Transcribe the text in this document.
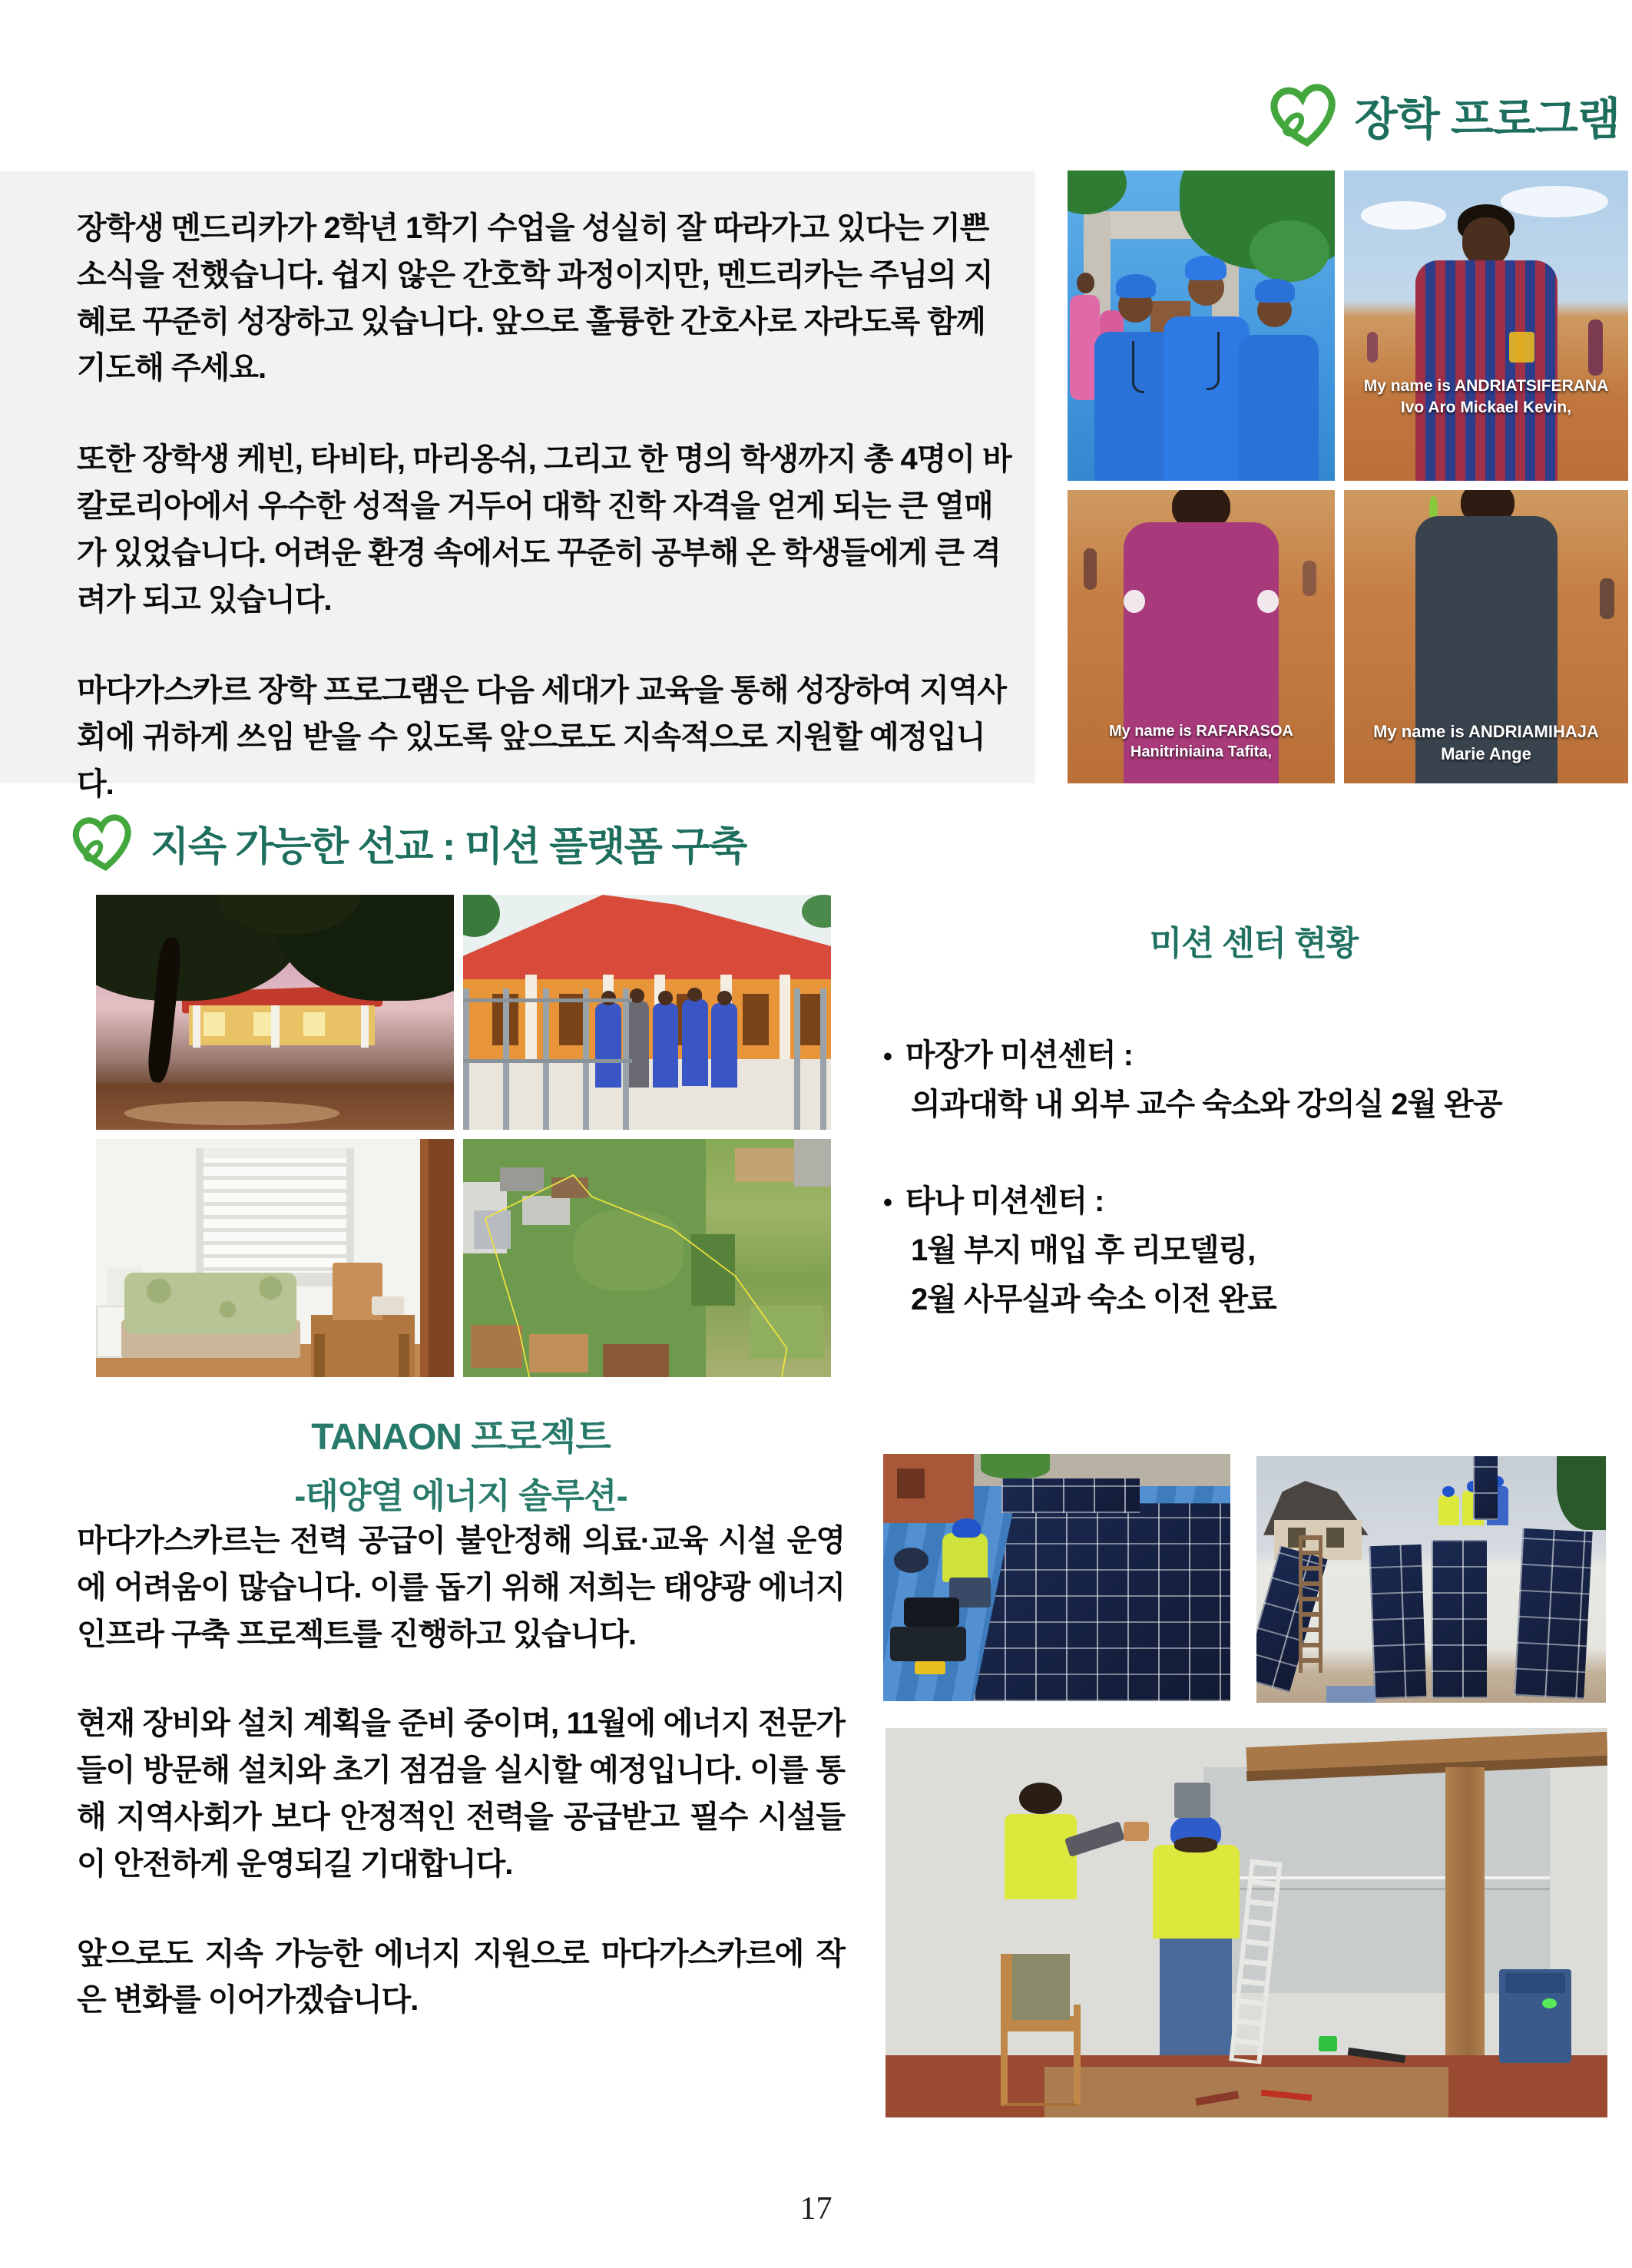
장학 프로그램

장학생 멘드리카가 2학년 1학기 수업을 성실히 잘 따라가고 있다는 기쁜 소식을 전했습니다. 쉽지 않은 간호학 과정이지만, 멘드리카는 주님의 지혜로 꾸준히 성장하고 있습니다. 앞으로 훌륭한 간호사로 자라도록 함께 기도해 주세요.

또한 장학생 케빈, 타비타, 마리옹쉬, 그리고 한 명의 학생까지 총 4명이 바칼로리아에서 우수한 성적을 거두어 대학 진학 자격을 얻게 되는 큰 열매가 있었습니다. 어려운 환경 속에서도 꾸준히 공부해 온 학생들에게 큰 격려가 되고 있습니다.

마다가스카르 장학 프로그램은 다음 세대가 교육을 통해 성장하여 지역사회에 귀하게 쓰임 받을 수 있도록 앞으로도 지속적으로 지원할 예정입니다.

My name is ANDRIATSIFERANA Ivo Aro Mickael Kevin,
My name is RAFARASOA Hanitriniaina Tafita,
My name is ANDRIAMIHAJA Marie Ange
지속 가능한 선교 : 미션 플랫폼 구축
미션 센터 현황
• 마장가 미션센터 :
의과대학 내 외부 교수 숙소와 강의실 2월 완공
• 타나 미션센터 :
1월 부지 매입 후 리모델링,
2월 사무실과 숙소 이전 완료
TANAON 프로젝트
-태양열 에너지 솔루션-

마다가스카르는 전력 공급이 불안정해 의료·교육 시설 운영에 어려움이 많습니다. 이를 돕기 위해 저희는 태양광 에너지 인프라 구축 프로젝트를 진행하고 있습니다.

현재 장비와 설치 계획을 준비 중이며, 11월에 에너지 전문가들이 방문해 설치와 초기 점검을 실시할 예정입니다. 이를 통해 지역사회가 보다 안정적인 전력을 공급받고 필수 시설들이 안전하게 운영되길 기대합니다.

앞으로도 지속 가능한 에너지 지원으로 마다가스카르에 작은 변화를 이어가겠습니다.

17
